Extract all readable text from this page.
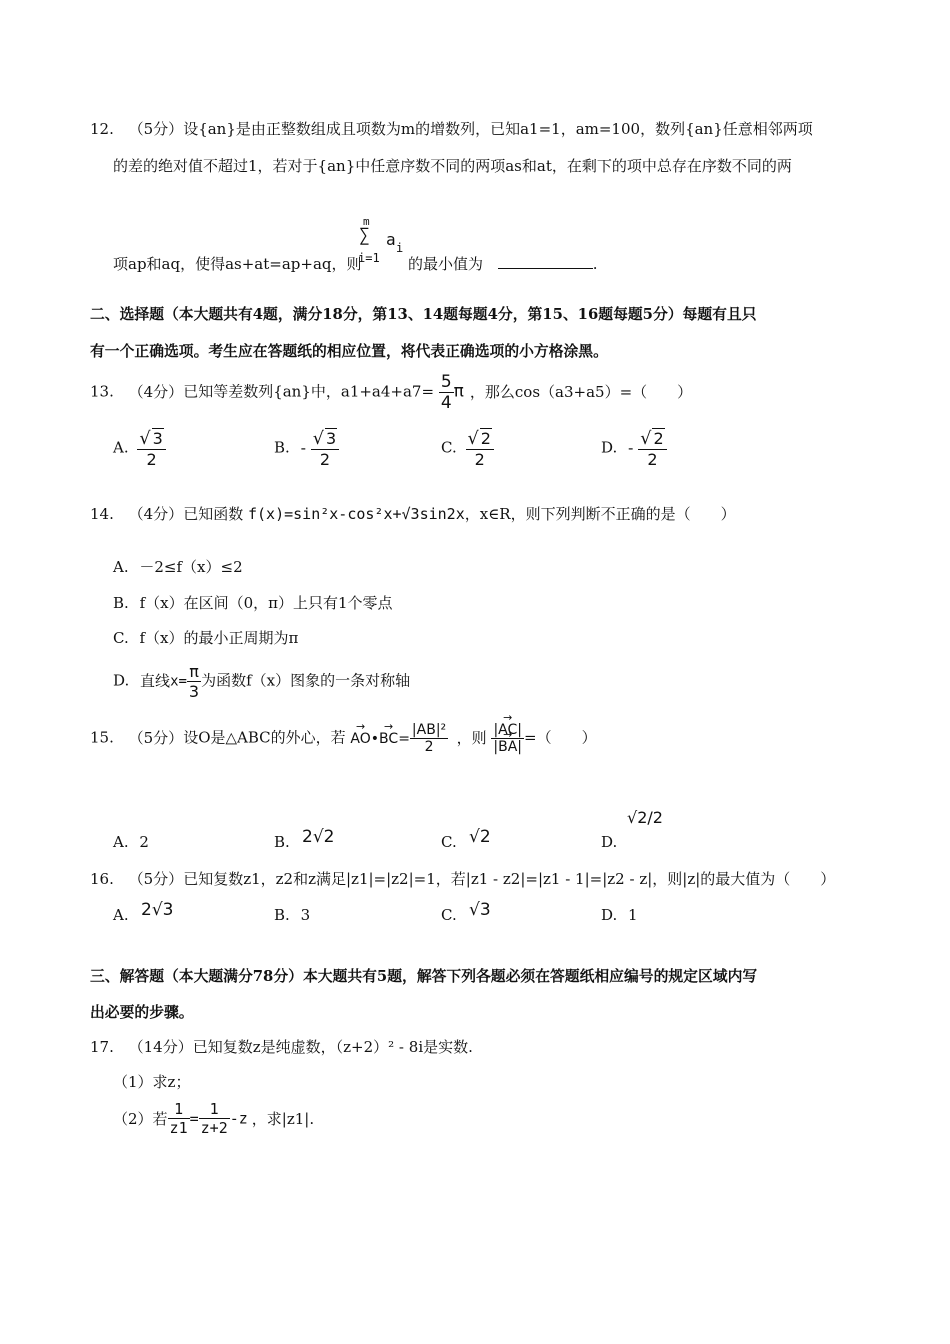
12. （5分）设{an}是由正整数组成且项数为m的增数列，已知a1=1，am=100，数列{an}任意相邻两项
的差的绝对值不超过1，若对于{an}中任意序数不同的两项as和at，在剩下的项中总存在序数不同的两
项ap和aq，使得as+at=ap+aq，则
m
∑
i=1
a i
的最小值为	.
二、选择题（本大题共有4题，满分18分，第13、14题每题4分，第15、16题每题5分）每题有且只
有一个正确选项。考生应在答题纸的相应位置，将代表正确选项的小方格涂黑。
13. （4分）已知等差数列{an}中，$a1+a4+a7= \frac{5}{4}$ π ，那么cos（a3+a5）=（　　）
A. $\frac{√ 3}{2}$	B. - $\frac{√ 3}{2}$	C. $\frac{√ 2}{2}$	D. - $\frac{√ 2}{2}$
14. （4分）已知函数 f(x)=sin²x-cos²x+√3sin2x，x∈R，则下列判断不正确的是（　　）
A. －2≤f（x）≤2
B. f（x）在区间（0，π）上只有1个零点
C. f（x）的最小正周期为π
D. 直线$x= \frac{\pi}{3}$ 为函数f（x）图象的一条对称轴
15. （5分）设O是△ABC的外心，若 → AO•→ $BC= \frac{\text{|AB|²}}{2}$ ，则 → |AC|
→ |BA| =（　　）
A. 2	B. 2√2	C. √2	D.
√2/2
16. （5分）已知复数z1，z2和z满足|z1|=|z2|=1，若|z1 - z2|=|z1 - 1|=|z2 - z|，则|z|的最大值为（　　）
A. 2√3	B. 3	C. √3	D. 1
三、解答题（本大题满分78分）本大题共有5题，解答下列各题必须在答题纸相应编号的规定区域内写
出必要的步骤。
17. （14分）已知复数z是纯虚数，（z+2）² - 8i是实数.
（1）求z；
（2）若 $\frac{1}{z1} = \frac{1}{z+2} -z$ ，求|z1|.
